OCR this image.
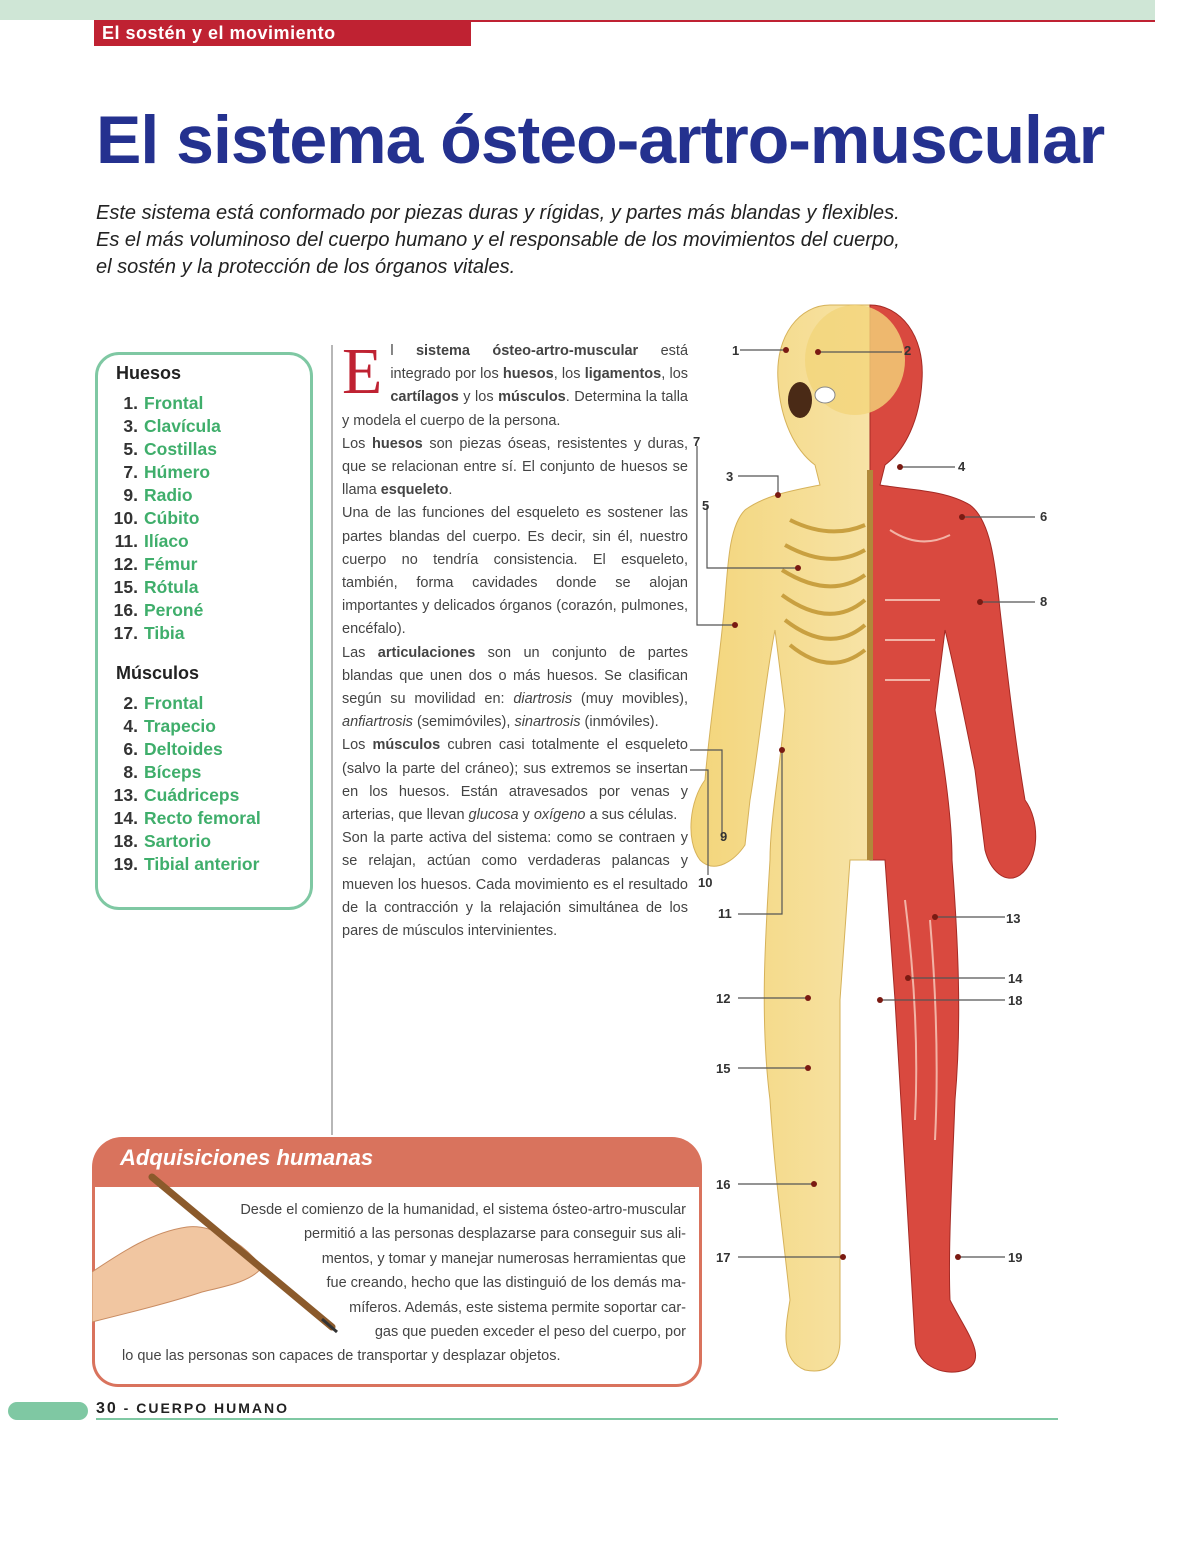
El sostén y el movimiento
El sistema ósteo-artro-muscular

Este sistema está conformado por piezas duras y rígidas, y partes más blandas y flexibles.

Es el más voluminoso del cuerpo humano y el responsable de los movimientos del cuerpo,

el sostén y la protección de los órganos vitales.

Huesos
1. Frontal
3. Clavícula
5. Costillas
7. Húmero
9. Radio
10. Cúbito
11. Ilíaco
12. Fémur
15. Rótula
16. Peroné
17. Tibia
Músculos
2. Frontal
4. Trapecio
6. Deltoides
8. Bíceps
13. Cuádriceps
14. Recto femoral
18. Sartorio
19. Tibial anterior

El sistema ósteo-artro-muscular está integrado por los huesos, los ligamentos, los cartílagos y los músculos. Determina la talla y modela el cuerpo de la persona.

Los huesos son piezas óseas, resistentes y duras, que se relacionan entre sí. El conjunto de huesos se llama esqueleto.

Una de las funciones del esqueleto es sostener las partes blandas del cuerpo. Es decir, sin él, nuestro cuerpo no tendría consistencia. El esqueleto, también, forma cavidades donde se alojan importantes y delicados órganos (corazón, pulmones, encéfalo).

Las articulaciones son un conjunto de partes blandas que unen dos o más huesos. Se clasifican según su movilidad en: diartrosis (muy movibles), anfiartrosis (semimóviles), sinartrosis (inmóviles).

Los músculos cubren casi totalmente el esqueleto (salvo la parte del cráneo); sus extremos se insertan en los huesos. Están atravesados por venas y arterias, que llevan glucosa y oxígeno a sus células.

Son la parte activa del sistema: como se contraen y se relajan, actúan como verdaderas palancas y mueven los huesos. Cada movimiento es el resultado de la contracción y la relajación simultánea de los pares de músculos intervinientes.

1	2
3
4
5
6
7
8
9
10
11
12
13
14
15
16
17
18
19
Adquisiciones humanas
Desde el comienzo de la humanidad, el sistema ósteo-artro-muscular
permitió a las personas desplazarse para conseguir sus ali-
mentos, y tomar y manejar numerosas herramientas que
fue creando, hecho que las distinguió de los demás ma-
míferos. Además, este sistema permite soportar car-
gas que pueden exceder el peso del cuerpo, por
lo que las personas son capaces de transportar y desplazar objetos.
30 - CUERPO HUMANO
